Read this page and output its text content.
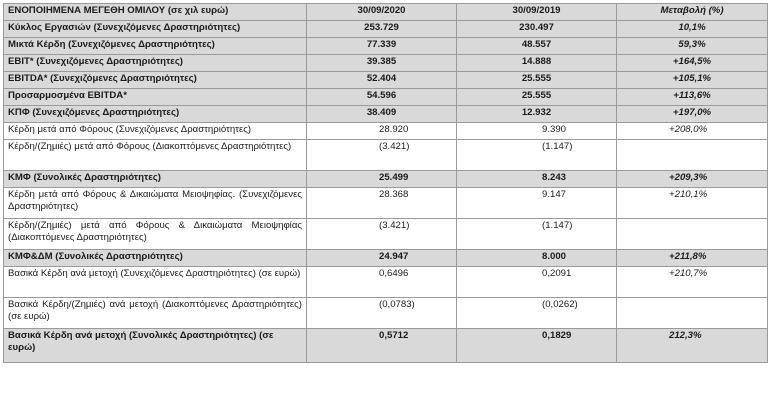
ΕΝΟΠΟΙΗΜΕΝΑ ΜΕΓΕΘΗ ΟΜΙΛΟΥ (σε χιλ ευρώ)	30/09/2020	30/09/2019	Μεταβολή (%)
Κύκλος Εργασιών (Συνεχιζόμενες Δραστηριότητες)	253.729	230.497	10,1%
Μικτά Κέρδη (Συνεχιζόμενες Δραστηριότητες)	77.339	48.557	59,3%
EBIT* (Συνεχιζόμενες Δραστηριότητες)	39.385	14.888	+164,5%
EBITDA* (Συνεχιζόμενες Δραστηριότητες)	52.404	25.555	+105,1%
Προσαρμοσμένα EBITDA*	54.596	25.555	+113,6%
ΚΠΦ (Συνεχιζόμενες Δραστηριότητες)	38.409	12.932	+197,0%
Κέρδη μετά από Φόρους (Συνεχιζόμενες Δραστηριότητες)	28.920	9.390	+208,0%
Κέρδη/(Ζημιές) μετά από Φόρους (Διακοπτόμενες Δραστηριότητες)	(3.421)	(1.147)	
ΚΜΦ (Συνολικές Δραστηριότητες)	25.499	8.243	+209,3%
Κέρδη μετά από Φόρους & Δικαιώματα Μειοψηφίας. (Συνεχιζόμενες Δραστηριότητες)	28.368	9.147	+210,1%
Κέρδη/(Ζημιές) μετά από Φόρους & Δικαιώματα Μειοψηφίας (Διακοπτόμενες Δραστηριότητες)	(3.421)	(1.147)	
ΚΜΦ&ΔΜ (Συνολικές Δραστηριότητες)	24.947	8.000	+211,8%
Βασικά Κέρδη ανά μετοχή (Συνεχιζόμενες Δραστηριότητες) (σε ευρώ)	0,6496	0,2091	+210,7%
Βασικά Κέρδη/(Ζημιές) ανά μετοχή (Διακοπτόμενες Δραστηριότητες) (σε ευρώ)	(0,0783)	(0,0262)	
Βασικά Κέρδη ανά μετοχή (Συνολικές Δραστηριότητες) (σε ευρώ)	0,5712	0,1829	212,3%
